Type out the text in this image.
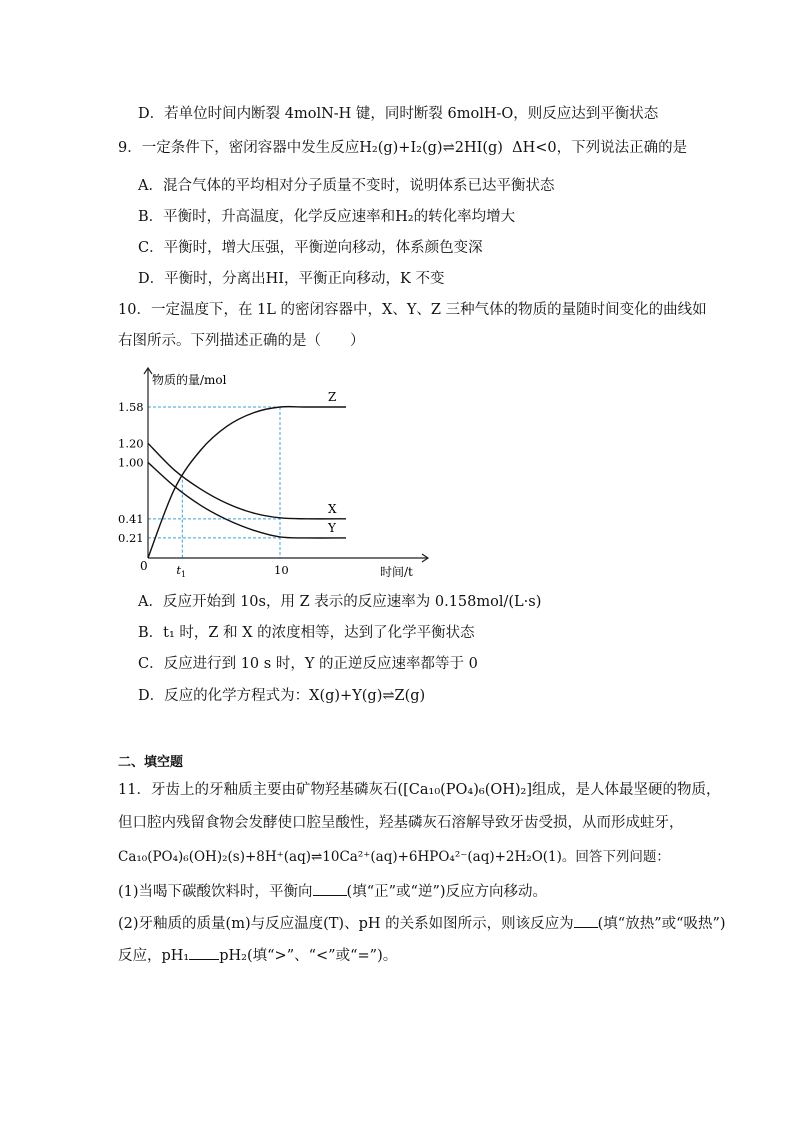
D．若单位时间内断裂 4molN-H 键，同时断裂 6molH-O，则反应达到平衡状态
9．一定条件下，密闭容器中发生反应H₂(g)+I₂(g)⇌2HI(g) ΔH<0，下列说法正确的是
A．混合气体的平均相对分子质量不变时，说明体系已达平衡状态
B．平衡时，升高温度，化学反应速率和H₂的转化率均增大
C．平衡时，增大压强，平衡逆向移动，体系颜色变深
D．平衡时，分离出HI，平衡正向移动，K 不变
10．一定温度下，在 1L 的密闭容器中，X、Y、Z 三种气体的物质的量随时间变化的曲线如
右图所示。下列描述正确的是（　　）
Z
X
Y
1.58
1.20
1.00
0.41
0.21
$t_1$	10
物质的量/mol
时间/t
0
A．反应开始到 10s，用 Z 表示的反应速率为 0.158mol/(L·s)
B．t₁ 时，Z 和 X 的浓度相等，达到了化学平衡状态
C．反应进行到 10 s 时，Y 的正逆反应速率都等于 0
D．反应的化学方程式为：X(g)+Y(g)⇌Z(g)
二、填空题
11．牙齿上的牙釉质主要由矿物羟基磷灰石([Ca₁₀(PO₄)₆(OH)₂]组成，是人体最坚硬的物质，
但口腔内残留食物会发酵使口腔呈酸性，羟基磷灰石溶解导致牙齿受损，从而形成蛀牙，
Ca₁₀(PO₄)₆(OH)₂(s)+8H⁺(aq)⇌10Ca²⁺(aq)+6HPO₄²⁻(aq)+2H₂O(1)。回答下列问题：
(1)当喝下碳酸饮料时，平衡向 (填“正”或“逆”)反应方向移动。
(2)牙釉质的质量(m)与反应温度(T)、pH 的关系如图所示，则该反应为 (填“放热”或“吸热”)
反应，pH₁ pH₂(填“>”、“<”或“=”)。
